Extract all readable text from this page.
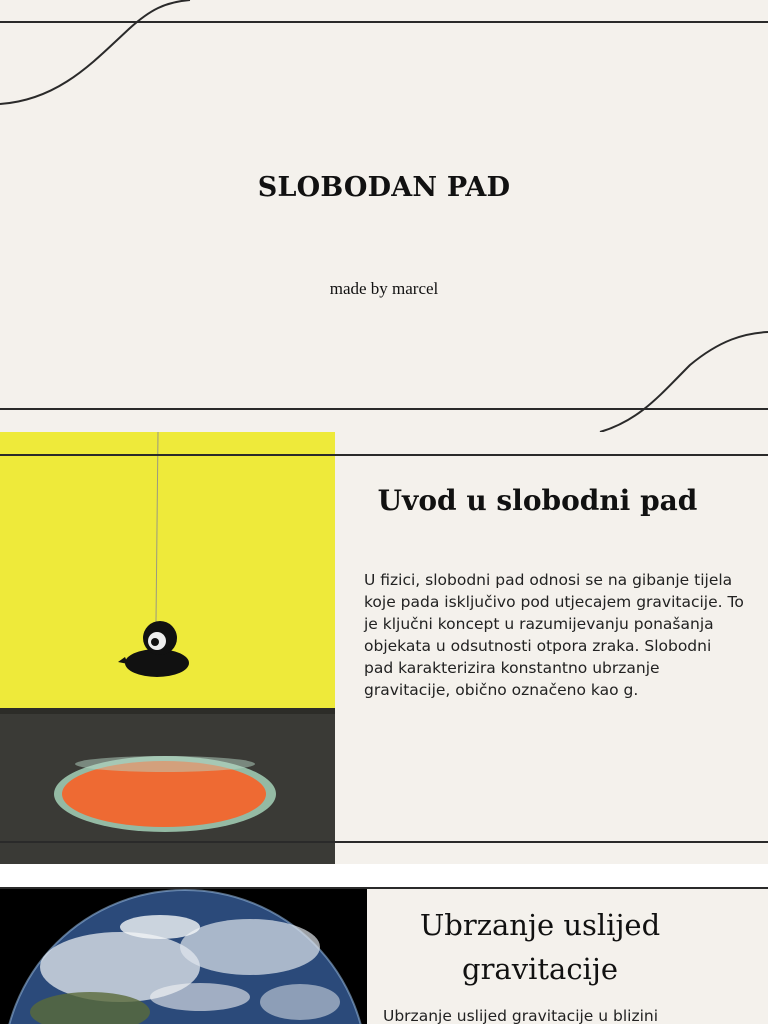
SLOBODAN PAD
made by marcel
Uvod u slobodni pad
U fizici, slobodni pad odnosi se na gibanje tijela koje pada isključivo pod utjecajem gravitacije. To je ključni koncept u razumijevanju ponašanja objekata u odsutnosti otpora zraka. Slobodni pad karakterizira konstantno ubrzanje gravitacije, obično označeno kao g.
Ubrzanje uslijed gravitacije
Ubrzanje uslijed gravitacije u blizini
